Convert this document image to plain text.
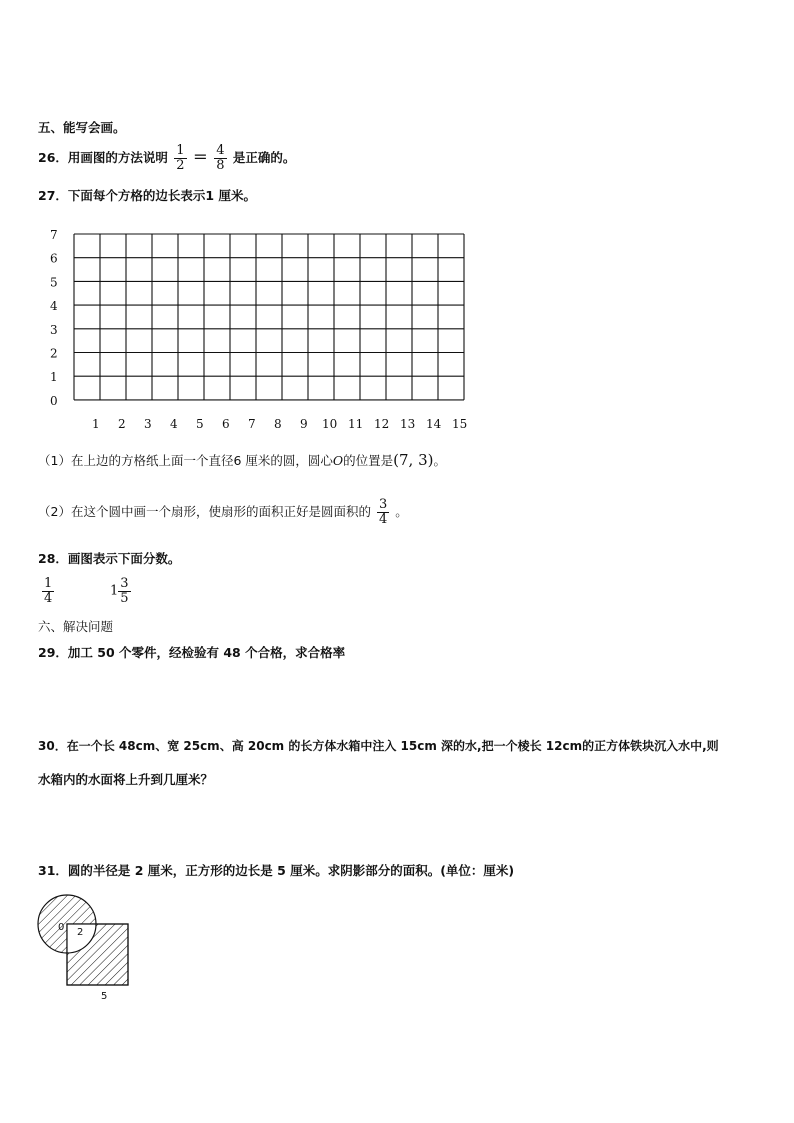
五、能写会画。
26．用画图的方法说明 $\frac{1}{2} = \frac{4}{8}$ 是正确的。
27．下面每个方格的边长表示1 厘米。
0
1
2
3
4
5
6
7
1 2 3 4 5 6 7 8 9 10 11 12 13 14 15
（1）在上边的方格纸上面一个直径6 厘米的圆，圆心O的位置是(7, 3)。
（2）在这个圆中画一个扇形，使扇形的面积正好是圆面积的 $\frac{3}{4}$ 。
28．画图表示下面分数。
$\frac{1}{4}$	$1 \frac{3}{5}$
六、解决问题
29．加工 50 个零件，经检验有 48 个合格，求合格率
30．在一个长 48cm、宽 25cm、高 20cm 的长方体水箱中注入 15cm 深的水,把一个棱长 12cm的正方体铁块沉入水中,则
水箱内的水面将上升到几厘米？
31．圆的半径是 2 厘米，正方形的边长是 5 厘米。求阴影部分的面积。(单位：厘米)
0 2
5
